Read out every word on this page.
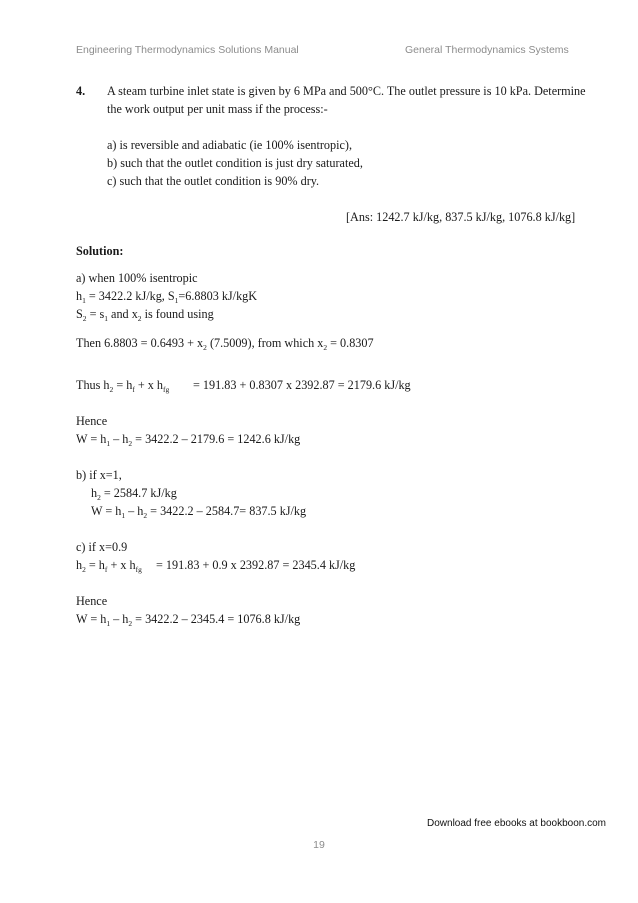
Engineering Thermodynamics Solutions Manual	General Thermodynamics Systems
4. A steam turbine inlet state is given by 6 MPa and 500°C. The outlet pressure is 10 kPa. Determine
the work output per unit mass if the process:-
a) is reversible and adiabatic (ie 100% isentropic),
b) such that the outlet condition is just dry saturated,
c) such that the outlet condition is 90% dry.
[Ans: 1242.7 kJ/kg, 837.5 kJ/kg, 1076.8 kJ/kg]
Solution:
a) when 100% isentropic
$h_1 = 3422.2$ kJ/kg, $S_1=6.8803$ kJ/kgK
$S_2 = s_1$ and $x_2$ is found using
Then $6.8803 = 0.6493 + x_2$ (7.5009), from which $x_2 = 0.8307$
Thus $h_2 = h_f + x$ $h_{fg} = 191.83 + 0.8307$ x 2392.87 = 2179.6 kJ/kg
Hence
$W = h_1 - h_2 = 3422.2 - 2179.6 = 1242.6$ kJ/kg
b) if x=1,
$h_2 = 2584.7$ kJ/kg
$W = h_1 - h_2 = 3422.2 - 2584.7= 837.5$ kJ/kg
c) if x=0.9
$h_2 = h_f + x$ $h_{fg} = 191.83 + 0.9$ x 2392.87 = 2345.4 kJ/kg
Hence
$W = h_1 - h_2 = 3422.2 - 2345.4 = 1076.8$ kJ/kg
Download free ebooks at bookboon.com
19
